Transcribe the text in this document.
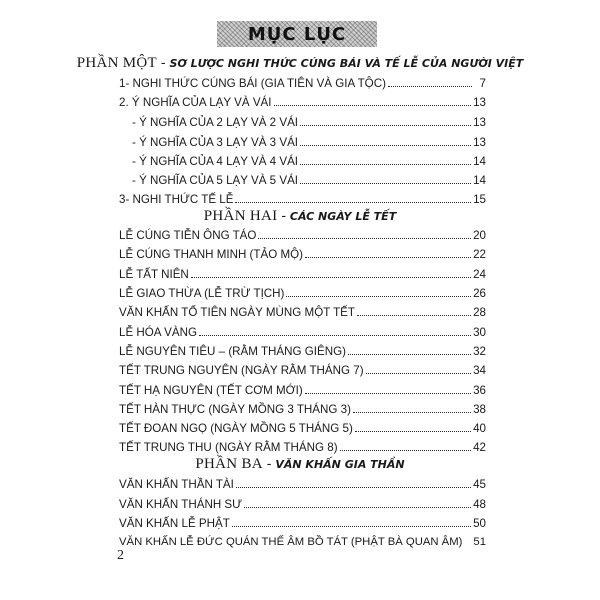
MỤC LỤC
PHẦN MỘT - SƠ LƯỢC NGHI THỨC CÚNG BÁI VÀ TẾ LỄ CỦA NGƯỜI VIỆT
1- NGHI THỨC CÚNG BÁI (GIA TIÊN VÀ GIA TỘC)	7
2. Ý NGHĨA CỦA LẠY VÀ VÁI	13
- Ý NGHĨA CỦA 2 LẠY VÀ 2 VÁI	13
- Ý NGHĨA CỦA 3 LẠY VÀ 3 VÁI	13
- Ý NGHĨA CỦA 4 LẠY VÀ 4 VÁI	14
- Ý NGHĨA CỦA 5 LẠY VÀ 5 VÁI	14
3- NGHI THỨC TẾ LỄ	15
PHẦN HAI - CÁC NGÀY LỄ TẾT
LỄ CÚNG TIỄN ÔNG TÁO	20
LỄ CÚNG THANH MINH (TẢO MỘ)	22
LỄ TẤT NIÊN	24
LỄ GIAO THỪA (LỄ TRỪ TỊCH)	26
VĂN KHẤN TỔ TIÊN NGÀY MÙNG MỘT TẾT	28
LỄ HÓA VÀNG	30
LỄ NGUYÊN TIÊU – (RẰM THÁNG GIÊNG)	32
TẾT TRUNG NGUYÊN (NGÀY RẰM THÁNG 7)	34
TẾT HẠ NGUYÊN (TẾT CƠM MỚI)	36
TẾT HÀN THỰC (NGÀY MỒNG 3 THÁNG 3)	38
TẾT ĐOAN NGỌ (NGÀY MỒNG 5 THÁNG 5)	40
TẾT TRUNG THU (NGÀY RẰM THÁNG 8)	42
PHẦN BA - VĂN KHẤN GIA THẦN
VĂN KHẤN THẦN TÀI	45
VĂN KHẤN THÁNH SƯ	48
VĂN KHẤN LỄ PHẬT	50
VĂN KHẤN LỄ ĐỨC QUÁN THẾ ÂM BỒ TÁT (PHẬT BÀ QUAN ÂM) 51
2
